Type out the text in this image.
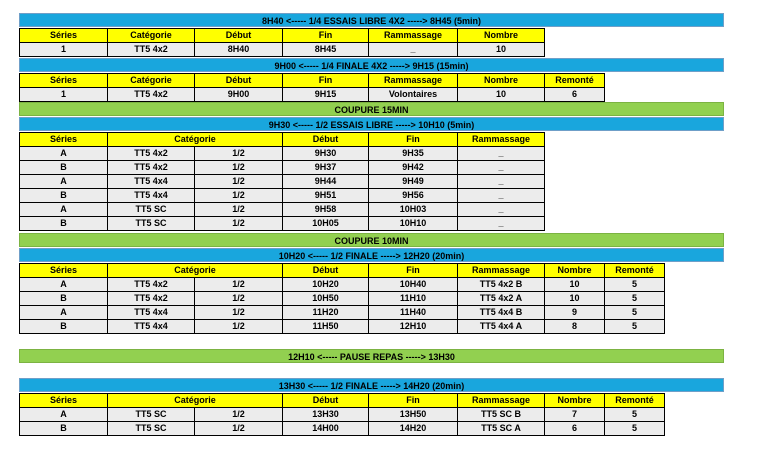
8H40 <----- 1/4 ESSAIS LIBRE 4X2 -----> 8H45 (5min)
Séries	Catégorie	Début	Fin	Rammassage	Nombre
1	TT5 4x2	8H40	8H45	_	10
9H00 <----- 1/4 FINALE 4X2 -----> 9H15 (15min)
Séries	Catégorie	Début	Fin	Rammassage	Nombre	Remonté
1	TT5 4x2	9H00	9H15	Volontaires	10	6
COUPURE 15MIN
9H30 <----- 1/2 ESSAIS LIBRE -----> 10H10 (5min)
Séries	Catégorie		Début	Fin	Rammassage
A	TT5 4x2	1/2	9H30	9H35	_
B	TT5 4x2	1/2	9H37	9H42	_
A	TT5 4x4	1/2	9H44	9H49	_
B	TT5 4x4	1/2	9H51	9H56	_
A	TT5 SC	1/2	9H58	10H03	_
B	TT5 SC	1/2	10H05	10H10	_
COUPURE 10MIN
10H20 <----- 1/2 FINALE -----> 12H20 (20min)
Séries	Catégorie		Début	Fin	Rammassage	Nombre	Remonté
A	TT5 4x2	1/2	10H20	10H40	TT5 4x2 B	10	5
B	TT5 4x2	1/2	10H50	11H10	TT5 4x2 A	10	5
A	TT5 4x4	1/2	11H20	11H40	TT5 4x4 B	9	5
B	TT5 4x4	1/2	11H50	12H10	TT5 4x4 A	8	5
12H10 <----- PAUSE REPAS -----> 13H30
13H30 <----- 1/2 FINALE -----> 14H20 (20min)
Séries	Catégorie		Début	Fin	Rammassage	Nombre	Remonté
A	TT5 SC	1/2	13H30	13H50	TT5 SC B	7	5
B	TT5 SC	1/2	14H00	14H20	TT5 SC A	6	5
